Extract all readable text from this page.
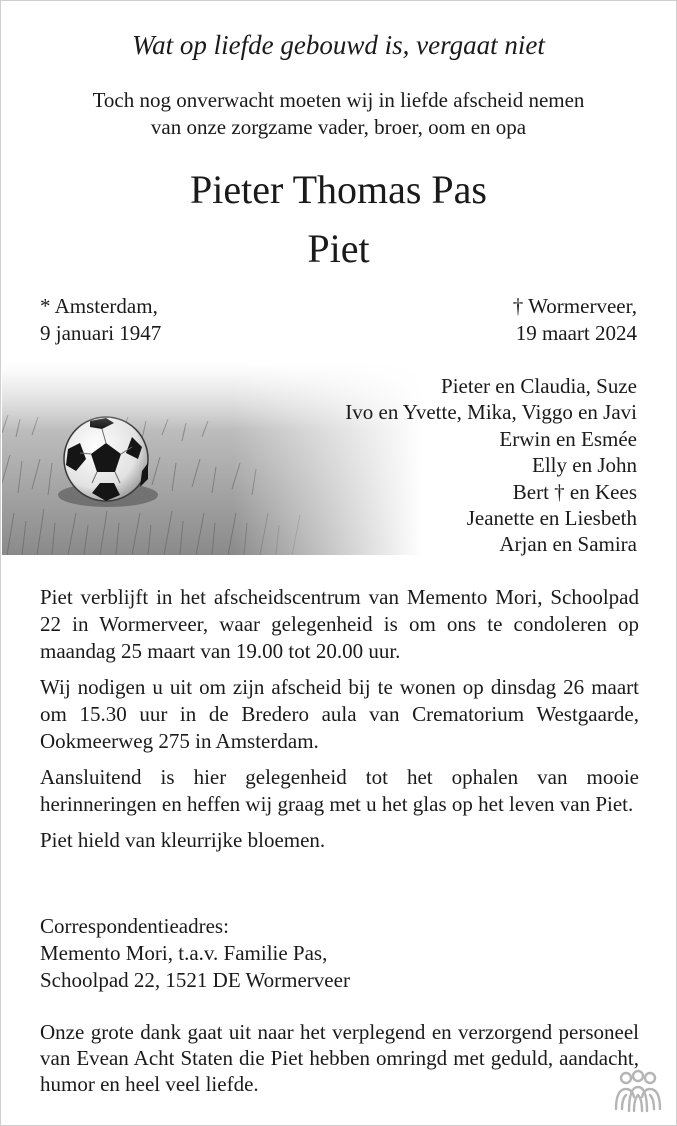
Wat op liefde gebouwd is, vergaat niet
Toch nog onverwacht moeten wij in liefde afscheid nemen
van onze zorgzame vader, broer, oom en opa
Pieter Thomas Pas
Piet
* Amsterdam,
9 januari 1947
† Wormerveer,
19 maart 2024
Pieter en Claudia, Suze
Ivo en Yvette, Mika, Viggo en Javi
Erwin en Esmée
Elly en John
Bert † en Kees
Jeanette en Liesbeth
Arjan en Samira

Piet verblijft in het afscheidscentrum van Memento Mori, Schoolpad 22 in Wormerveer, waar gelegenheid is om ons te condoleren op maandag 25 maart van 19.00 tot 20.00 uur.

Wij nodigen u uit om zijn afscheid bij te wonen op dinsdag 26 maart om 15.30 uur in de Bredero aula van Crematorium Westgaarde, Ookmeerweg 275 in Amsterdam.

Aansluitend is hier gelegenheid tot het ophalen van mooie herinneringen en heffen wij graag met u het glas op het leven van Piet.

Piet hield van kleurrijke bloemen.

Correspondentieadres:
Memento Mori, t.a.v. Familie Pas,
Schoolpad 22, 1521 DE Wormerveer
Onze grote dank gaat uit naar het verplegend en verzorgend personeel van Evean Acht Staten die Piet hebben omringd met geduld, aandacht, humor en heel veel liefde.
